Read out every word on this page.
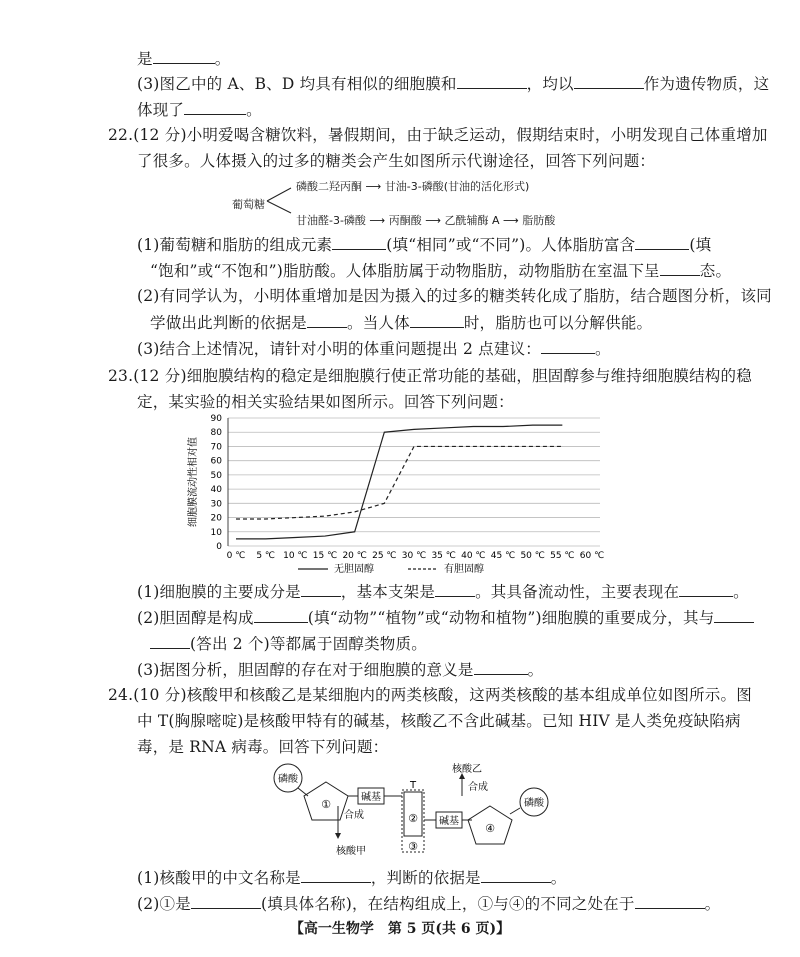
是	。
(3)图乙中的 A、B、D 均具有相似的细胞膜和	，均以	作为遗传物质，这
体现了	。
22.(12 分)小明爱喝含糖饮料，暑假期间，由于缺乏运动，假期结束时，小明发现自己体重增加
了很多。人体摄入的过多的糖类会产生如图所示代谢途径，回答下列问题：
葡萄糖
磷酸二羟丙酮 ⟶ 甘油-3-磷酸(甘油的活化形式)
甘油醛-3-磷酸 ⟶ 丙酮酸 ⟶ 乙酰辅酶 A ⟶ 脂肪酸
(1)葡萄糖和脂肪的组成元素	(填“相同”或“不同”)。人体脂肪富含	(填
“饱和”或“不饱和”)脂肪酸。人体脂肪属于动物脂肪，动物脂肪在室温下呈	态。
(2)有同学认为，小明体重增加是因为摄入的过多的糖类转化成了脂肪，结合题图分析，该同
学做出此判断的依据是	。当人体	时，脂肪也可以分解供能。
(3)结合上述情况，请针对小明的体重问题提出 2 点建议：	。
23.(12 分)细胞膜结构的稳定是细胞膜行使正常功能的基础，胆固醇参与维持细胞膜结构的稳
定，某实验的相关实验结果如图所示。回答下列问题：
0
10
20
30
40
50
60
70
80
90
0 ℃ 5 ℃ 10 ℃ 15 ℃ 20 ℃ 25 ℃ 30 ℃ 35 ℃ 40 ℃ 45 ℃ 50 ℃ 55 ℃ 60 ℃
细胞膜流动性相对值
无胆固醇	有胆固醇
(1)细胞膜的主要成分是	，基本支架是	。其具备流动性，主要表现在	。
(2)胆固醇是构成	(填“动物”“植物”或“动物和植物”)细胞膜的重要成分，其与
(答出 2 个)等都属于固醇类物质。
(3)据图分析，胆固醇的存在对于细胞膜的意义是	。
24.(10 分)核酸甲和核酸乙是某细胞内的两类核酸，这两类核酸的基本组成单位如图所示。图
中 T(胸腺嘧啶)是核酸甲特有的碱基，核酸乙不含此碱基。已知 HIV 是人类免疫缺陷病
毒，是 RNA 病毒。回答下列问题：
磷酸
①
碱基
T
②
③
碱基
④
磷酸
合成
核酸甲
合成
核酸乙
(1)核酸甲的中文名称是	，判断的依据是	。
(2)①是	(填具体名称)，在结构组成上，①与④的不同之处在于	。
【高一生物学　第 5 页(共 6 页)】
